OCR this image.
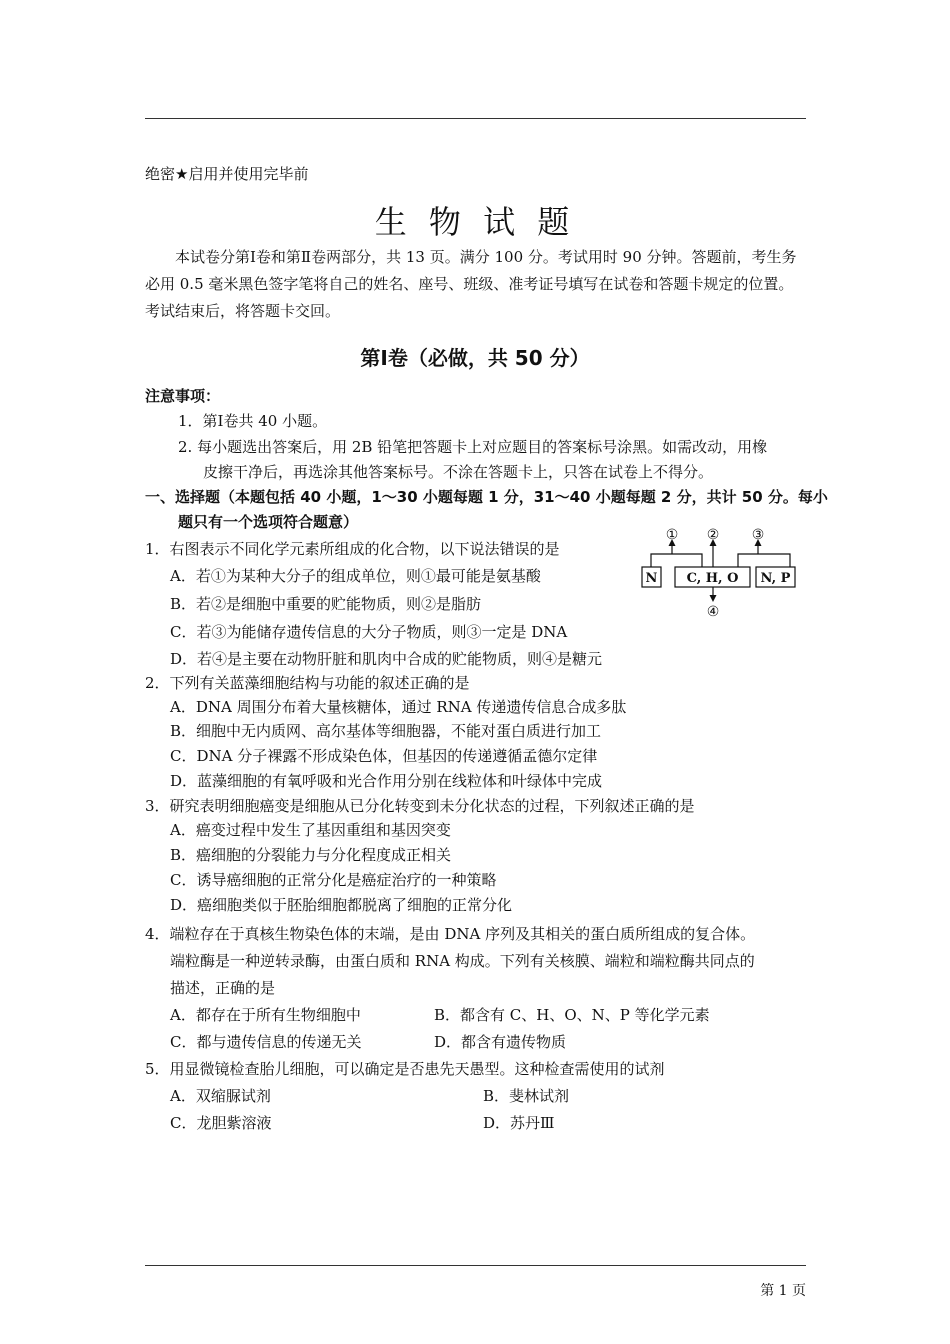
绝密★启用并使用完毕前
生 物 试 题
本试卷分第Ⅰ卷和第Ⅱ卷两部分，共 13 页。满分 100 分。考试用时 90 分钟。答题前，考生务必用 0.5 毫米黑色签字笔将自己的姓名、座号、班级、准考证号填写在试卷和答题卡规定的位置。考试结束后，将答题卡交回。
第Ⅰ卷（必做，共 50 分）
注意事项：
1．第Ⅰ卷共 40 小题。
2. 每小题选出答案后，用 2B 铅笔把答题卡上对应题目的答案标号涂黑。如需改动，用橡
皮擦干净后，再选涂其他答案标号。不涂在答题卡上，只答在试卷上不得分。
一、选择题（本题包括 40 小题，1～30 小题每题 1 分，31～40 小题每题 2 分，共计 50 分。每小
题只有一个选项符合题意）
1．右图表示不同化学元素所组成的化合物，以下说法错误的是
A．若①为某种大分子的组成单位，则①最可能是氨基酸
B．若②是细胞中重要的贮能物质，则②是脂肪
C．若③为能储存遗传信息的大分子物质，则③一定是 DNA
D．若④是主要在动物肝脏和肌肉中合成的贮能物质，则④是糖元
① ② ③
④
N C, H, O N, P
2．下列有关蓝藻细胞结构与功能的叙述正确的是
A．DNA 周围分布着大量核糖体，通过 RNA 传递遗传信息合成多肽
B．细胞中无内质网、高尔基体等细胞器，不能对蛋白质进行加工
C．DNA 分子裸露不形成染色体，但基因的传递遵循孟德尔定律
D．蓝藻细胞的有氧呼吸和光合作用分别在线粒体和叶绿体中完成
3．研究表明细胞癌变是细胞从已分化转变到未分化状态的过程，下列叙述正确的是
A．癌变过程中发生了基因重组和基因突变
B．癌细胞的分裂能力与分化程度成正相关
C．诱导癌细胞的正常分化是癌症治疗的一种策略
D．癌细胞类似于胚胎细胞都脱离了细胞的正常分化
4．端粒存在于真核生物染色体的末端，是由 DNA 序列及其相关的蛋白质所组成的复合体。
端粒酶是一种逆转录酶，由蛋白质和 RNA 构成。下列有关核膜、端粒和端粒酶共同点的
描述，正确的是
A．都存在于所有生物细胞中	B．都含有 C、H、O、N、P 等化学元素
C．都与遗传信息的传递无关	D．都含有遗传物质
5．用显微镜检查胎儿细胞，可以确定是否患先天愚型。这种检查需使用的试剂
A．双缩脲试剂	B．斐林试剂
C．龙胆紫溶液	D．苏丹Ⅲ
第 1 页
